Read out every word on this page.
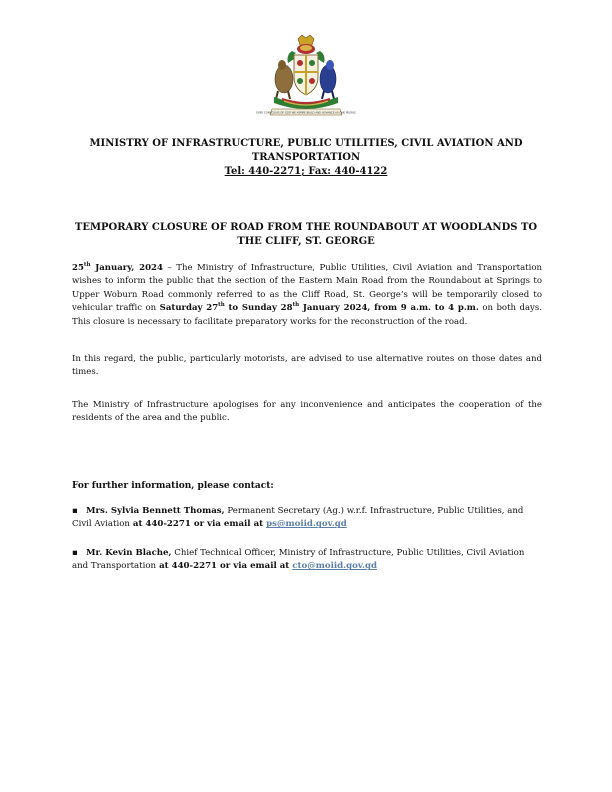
EVER CONSCIOUS OF GOD WE ASPIRE BUILD AND ADVANCE AS ONE PEOPLE
MINISTRY OF INFRASTRUCTURE, PUBLIC UTILITIES, CIVIL AVIATION AND TRANSPORTATION
Tel: 440-2271; Fax: 440-4122
TEMPORARY CLOSURE OF ROAD FROM THE ROUNDABOUT AT WOODLANDS TO THE CLIFF, ST. GEORGE

25th January, 2024 – The Ministry of Infrastructure, Public Utilities, Civil Aviation and Transportation wishes to inform the public that the section of the Eastern Main Road from the Roundabout at Springs to Upper Woburn Road commonly referred to as the Cliff Road, St. George’s will be temporarily closed to vehicular traffic on Saturday 27th to Sunday 28th January 2024, from 9 a.m. to 4 p.m. on both days. This closure is necessary to facilitate preparatory works for the reconstruction of the road.

In this regard, the public, particularly motorists, are advised to use alternative routes on those dates and times.

The Ministry of Infrastructure apologises for any inconvenience and anticipates the cooperation of the residents of the area and the public.

For further information, please contact:
▪ Mrs. Sylvia Bennett Thomas, Permanent Secretary (Ag.) w.r.f. Infrastructure, Public Utilities, and Civil Aviation at 440-2271 or via email at ps@moiid.gov.gd
▪ Mr. Kevin Blache, Chief Technical Officer, Ministry of Infrastructure, Public Utilities, Civil Aviation and Transportation at 440-2271 or via email at cto@moiid.gov.gd
